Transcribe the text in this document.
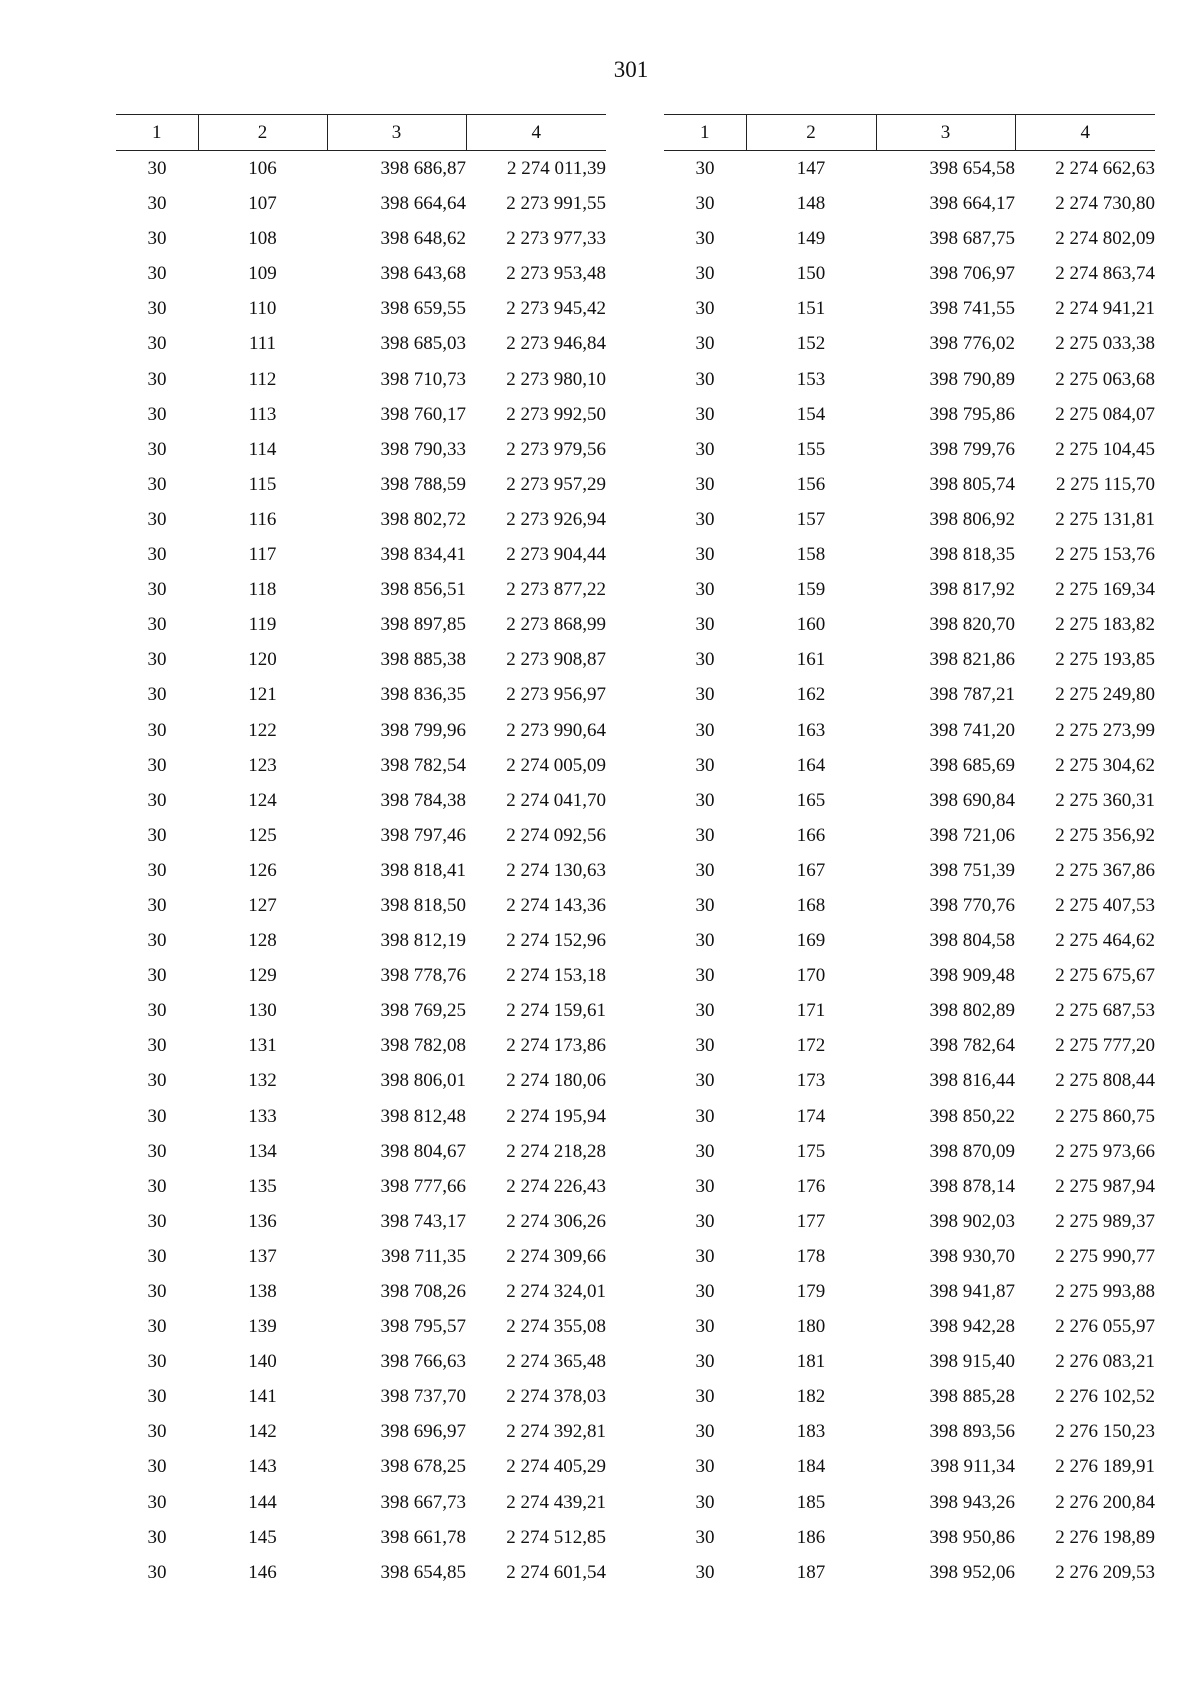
301
1	2	3	4
30	106	398 686,87	2 274 011,39
30	107	398 664,64	2 273 991,55
30	108	398 648,62	2 273 977,33
30	109	398 643,68	2 273 953,48
30	110	398 659,55	2 273 945,42
30	111	398 685,03	2 273 946,84
30	112	398 710,73	2 273 980,10
30	113	398 760,17	2 273 992,50
30	114	398 790,33	2 273 979,56
30	115	398 788,59	2 273 957,29
30	116	398 802,72	2 273 926,94
30	117	398 834,41	2 273 904,44
30	118	398 856,51	2 273 877,22
30	119	398 897,85	2 273 868,99
30	120	398 885,38	2 273 908,87
30	121	398 836,35	2 273 956,97
30	122	398 799,96	2 273 990,64
30	123	398 782,54	2 274 005,09
30	124	398 784,38	2 274 041,70
30	125	398 797,46	2 274 092,56
30	126	398 818,41	2 274 130,63
30	127	398 818,50	2 274 143,36
30	128	398 812,19	2 274 152,96
30	129	398 778,76	2 274 153,18
30	130	398 769,25	2 274 159,61
30	131	398 782,08	2 274 173,86
30	132	398 806,01	2 274 180,06
30	133	398 812,48	2 274 195,94
30	134	398 804,67	2 274 218,28
30	135	398 777,66	2 274 226,43
30	136	398 743,17	2 274 306,26
30	137	398 711,35	2 274 309,66
30	138	398 708,26	2 274 324,01
30	139	398 795,57	2 274 355,08
30	140	398 766,63	2 274 365,48
30	141	398 737,70	2 274 378,03
30	142	398 696,97	2 274 392,81
30	143	398 678,25	2 274 405,29
30	144	398 667,73	2 274 439,21
30	145	398 661,78	2 274 512,85
30	146	398 654,85	2 274 601,54
1	2	3	4
30	147	398 654,58	2 274 662,63
30	148	398 664,17	2 274 730,80
30	149	398 687,75	2 274 802,09
30	150	398 706,97	2 274 863,74
30	151	398 741,55	2 274 941,21
30	152	398 776,02	2 275 033,38
30	153	398 790,89	2 275 063,68
30	154	398 795,86	2 275 084,07
30	155	398 799,76	2 275 104,45
30	156	398 805,74	2 275 115,70
30	157	398 806,92	2 275 131,81
30	158	398 818,35	2 275 153,76
30	159	398 817,92	2 275 169,34
30	160	398 820,70	2 275 183,82
30	161	398 821,86	2 275 193,85
30	162	398 787,21	2 275 249,80
30	163	398 741,20	2 275 273,99
30	164	398 685,69	2 275 304,62
30	165	398 690,84	2 275 360,31
30	166	398 721,06	2 275 356,92
30	167	398 751,39	2 275 367,86
30	168	398 770,76	2 275 407,53
30	169	398 804,58	2 275 464,62
30	170	398 909,48	2 275 675,67
30	171	398 802,89	2 275 687,53
30	172	398 782,64	2 275 777,20
30	173	398 816,44	2 275 808,44
30	174	398 850,22	2 275 860,75
30	175	398 870,09	2 275 973,66
30	176	398 878,14	2 275 987,94
30	177	398 902,03	2 275 989,37
30	178	398 930,70	2 275 990,77
30	179	398 941,87	2 275 993,88
30	180	398 942,28	2 276 055,97
30	181	398 915,40	2 276 083,21
30	182	398 885,28	2 276 102,52
30	183	398 893,56	2 276 150,23
30	184	398 911,34	2 276 189,91
30	185	398 943,26	2 276 200,84
30	186	398 950,86	2 276 198,89
30	187	398 952,06	2 276 209,53
